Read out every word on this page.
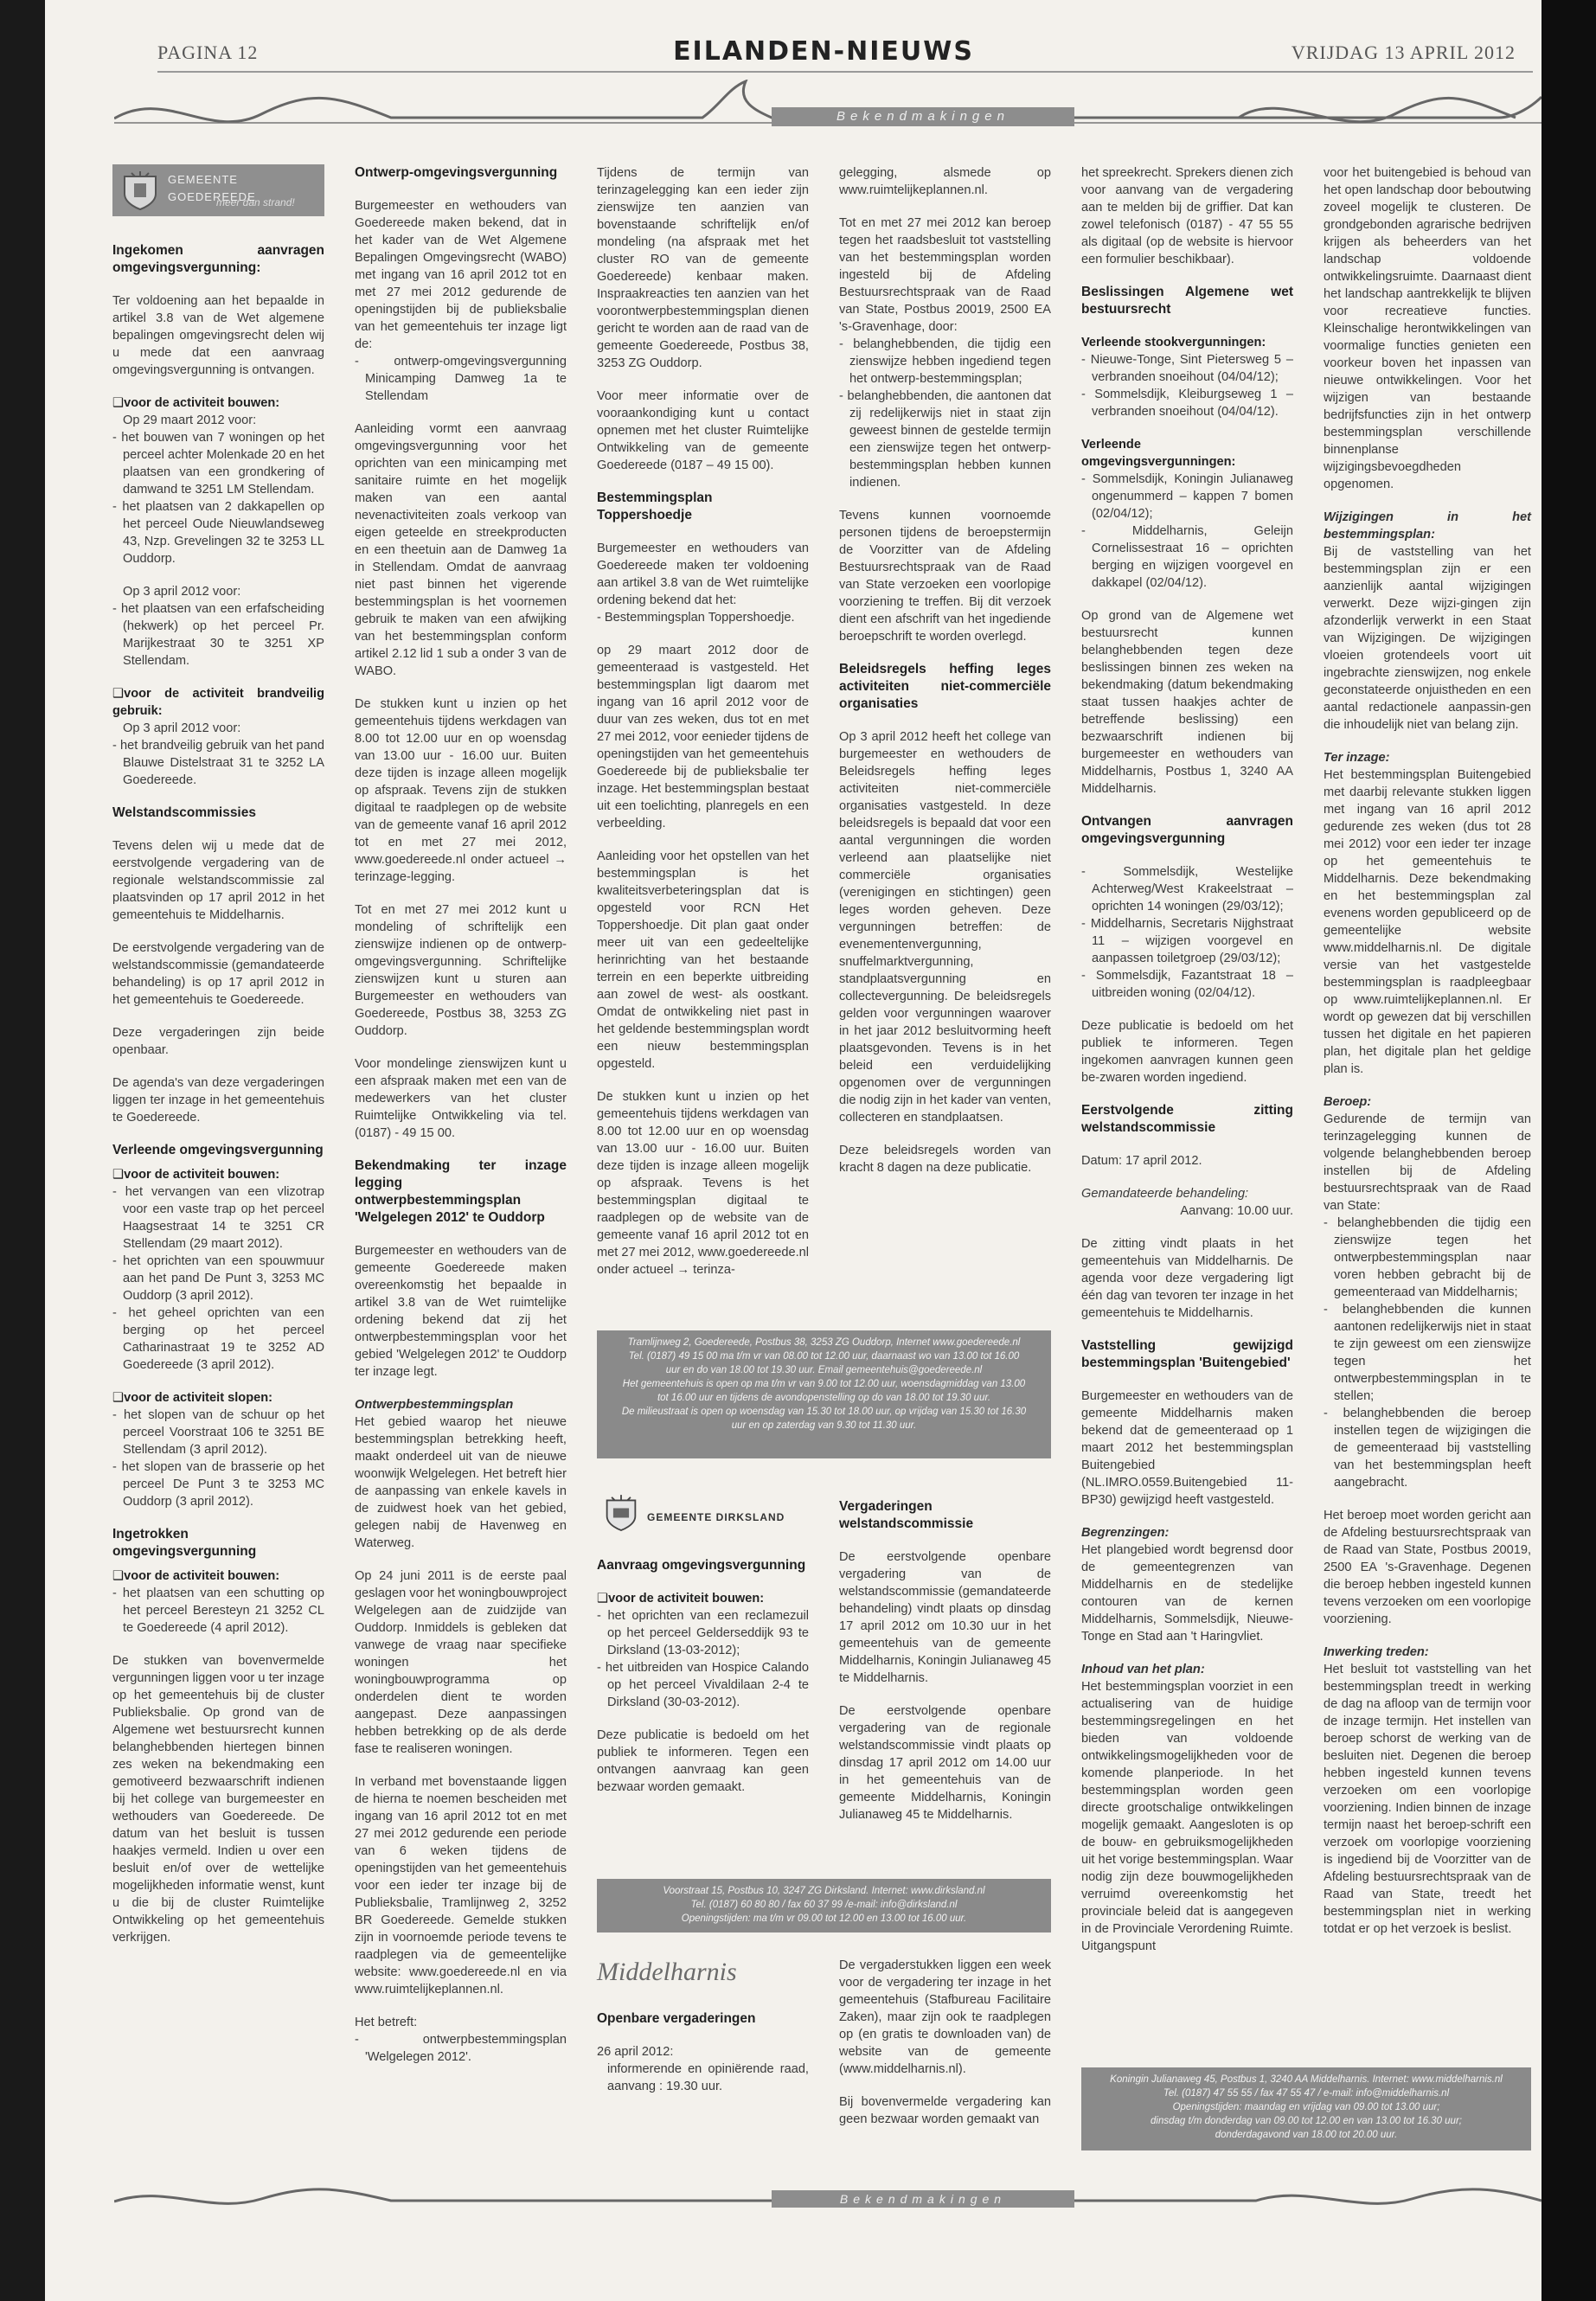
PAGINA 12	EILANDEN-NIEUWS	VRIJDAG 13 APRIL 2012
Bekendmakingen
GEMEENTE GOEDEREEDE
meer dan strand!
Ingekomen aanvragen omgevingsvergunning:

Ter voldoening aan het bepaalde in artikel 3.8 van de Wet algemene bepalingen omgevingsrecht delen wij u mede dat een aanvraag omgevingsvergunning is ontvangen.

❑ voor de activiteit bouwen:
Op 29 maart 2012 voor:
- het bouwen van 7 woningen op het perceel achter Molenkade 20 en het plaatsen van een grondkering of damwand te 3251 LM Stellendam.
- het plaatsen van 2 dakkapellen op het perceel Oude Nieuwlandseweg 43, Nzp. Grevelingen 32 te 3253 LL Ouddorp.
Op 3 april 2012 voor:
- het plaatsen van een erfafscheiding (hekwerk) op het perceel Pr. Marijkestraat 30 te 3251 XP Stellendam.
❑ voor de activiteit brandveilig gebruik:
Op 3 april 2012 voor:
- het brandveilig gebruik van het pand Blauwe Distelstraat 31 te 3252 LA Goedereede.
Welstandscommissies

Tevens delen wij u mede dat de eerstvolgende vergadering van de regionale welstandscommissie zal plaatsvinden op 17 april 2012 in het gemeentehuis te Middelharnis.

De eerstvolgende vergadering van de welstandscommissie (gemandateerde behandeling) is op 17 april 2012 in het gemeentehuis te Goedereede.

Deze vergaderingen zijn beide openbaar.

De agenda's van deze vergaderingen liggen ter inzage in het gemeentehuis te Goedereede.

Verleende omgevingsvergunning
❑ voor de activiteit bouwen:
- het vervangen van een vlizotrap voor een vaste trap op het perceel Haagsestraat 14 te 3251 CR Stellendam (29 maart 2012).
- het oprichten van een spouwmuur aan het pand De Punt 3, 3253 MC Ouddorp (3 april 2012).
- het geheel oprichten van een berging op het perceel Catharinastraat 19 te 3252 AD Goedereede (3 april 2012).
❑ voor de activiteit slopen:
- het slopen van de schuur op het perceel Voorstraat 106 te 3251 BE Stellendam (3 april 2012).
- het slopen van de brasserie op het perceel De Punt 3 te 3253 MC Ouddorp (3 april 2012).
Ingetrokken omgevingsvergunning
❑ voor de activiteit bouwen:
- het plaatsen van een schutting op het perceel Beresteyn 21 3252 CL te Goedereede (4 april 2012).

De stukken van bovenvermelde vergunningen liggen voor u ter inzage op het gemeentehuis bij de cluster Publieksbalie. Op grond van de Algemene wet bestuursrecht kunnen belanghebbenden hiertegen binnen zes weken na bekendmaking een gemotiveerd bezwaarschrift indienen bij het college van burgemeester en wethouders van Goedereede. De datum van het besluit is tussen haakjes vermeld. Indien u over een besluit en/of over de wettelijke mogelijkheden informatie wenst, kunt u die bij de cluster Ruimtelijke Ontwikkeling op het gemeentehuis verkrijgen.

Ontwerp-omgevingsvergunning

Burgemeester en wethouders van Goedereede maken bekend, dat in het kader van de Wet Algemene Bepalingen Omgevingsrecht (WABO) met ingang van 16 april 2012 tot en met 27 mei 2012 gedurende de openingstijden bij de publieksbalie van het gemeentehuis ter inzage ligt de:

- ontwerp-omgevingsvergunning Minicamping Damweg 1a te Stellendam

Aanleiding vormt een aanvraag omgevingsvergunning voor het oprichten van een minicamping met sanitaire ruimte en het mogelijk maken van een aantal nevenactiviteiten zoals verkoop van eigen geteelde en streekproducten en een theetuin aan de Damweg 1a in Stellendam. Omdat de aanvraag niet past binnen het vigerende bestemmingsplan is het voornemen gebruik te maken van een afwijking van het bestemmingsplan conform artikel 2.12 lid 1 sub a onder 3 van de WABO.

De stukken kunt u inzien op het gemeentehuis tijdens werkdagen van 8.00 tot 12.00 uur en op woensdag van 13.00 uur - 16.00 uur. Buiten deze tijden is inzage alleen mogelijk op afspraak. Tevens zijn de stukken digitaal te raadplegen op de website van de gemeente vanaf 16 april 2012 tot en met 27 mei 2012, www.goedereede.nl onder actueel → terinzage-legging.

Tot en met 27 mei 2012 kunt u mondeling of schriftelijk een zienswijze indienen op de ontwerp-omgevingsvergunning. Schriftelijke zienswijzen kunt u sturen aan Burgemeester en wethouders van Goedereede, Postbus 38, 3253 ZG Ouddorp.

Voor mondelinge zienswijzen kunt u een afspraak maken met een van de medewerkers van het cluster Ruimtelijke Ontwikkeling via tel. (0187) - 49 15 00.

Bekendmaking ter inzage legging ontwerpbestemmingsplan 'Welgelegen 2012' te Ouddorp

Burgemeester en wethouders van de gemeente Goedereede maken overeenkomstig het bepaalde in artikel 3.8 van de Wet ruimtelijke ordening bekend dat zij het ontwerpbestemmingsplan voor het gebied 'Welgelegen 2012' te Ouddorp ter inzage legt.

Ontwerpbestemmingsplan

Het gebied waarop het nieuwe bestemmingsplan betrekking heeft, maakt onderdeel uit van de nieuwe woonwijk Welgelegen. Het betreft hier de aanpassing van enkele kavels in de zuidwest hoek van het gebied, gelegen nabij de Havenweg en Waterweg.

Op 24 juni 2011 is de eerste paal geslagen voor het woningbouwproject Welgelegen aan de zuidzijde van Ouddorp. Inmiddels is gebleken dat vanwege de vraag naar specifieke woningen het woningbouwprogramma op onderdelen dient te worden aangepast. Deze aanpassingen hebben betrekking op de als derde fase te realiseren woningen.

In verband met bovenstaande liggen de hierna te noemen bescheiden met ingang van 16 april 2012 tot en met 27 mei 2012 gedurende een periode van 6 weken tijdens de openingstijden van het gemeentehuis voor een ieder ter inzage bij de Publieksbalie, Tramlijnweg 2, 3252 BR Goedereede. Gemelde stukken zijn in voornoemde periode tevens te raadplegen via de gemeentelijke website: www.goedereede.nl en via www.ruimtelijkeplannen.nl.

Het betreft:
- ontwerpbestemmingsplan 'Welgelegen 2012'.

Tijdens de termijn van terinzagelegging kan een ieder zijn zienswijze ten aanzien van bovenstaande schriftelijk en/of mondeling (na afspraak met het cluster RO van de gemeente Goedereede) kenbaar maken. Inspraakreacties ten aanzien van het voorontwerpbestemmingsplan dienen gericht te worden aan de raad van de gemeente Goedereede, Postbus 38, 3253 ZG Ouddorp.

Voor meer informatie over de vooraankondiging kunt u contact opnemen met het cluster Ruimtelijke Ontwikkeling van de gemeente Goedereede (0187 – 49 15 00).

Bestemmingsplan Toppershoedje

Burgemeester en wethouders van Goedereede maken ter voldoening aan artikel 3.8 van de Wet ruimtelijke ordening bekend dat het:

- Bestemmingsplan Toppershoedje.

op 29 maart 2012 door de gemeenteraad is vastgesteld. Het bestemmingsplan ligt daarom met ingang van 16 april 2012 voor de duur van zes weken, dus tot en met 27 mei 2012, voor eenieder tijdens de openingstijden van het gemeentehuis Goedereede bij de publieksbalie ter inzage. Het bestemmingsplan bestaat uit een toelichting, planregels en een verbeelding.

Aanleiding voor het opstellen van het bestemmingsplan is het kwaliteitsverbeteringsplan dat is opgesteld voor RCN Het Toppershoedje. Dit plan gaat onder meer uit van een gedeeltelijke herinrichting van het bestaande terrein en een beperkte uitbreiding aan zowel de west- als oostkant. Omdat de ontwikkeling niet past in het geldende bestemmingsplan wordt een nieuw bestemmingsplan opgesteld.

De stukken kunt u inzien op het gemeentehuis tijdens werkdagen van 8.00 tot 12.00 uur en op woensdag van 13.00 uur - 16.00 uur. Buiten deze tijden is inzage alleen mogelijk op afspraak. Tevens is het bestemmingsplan digitaal te raadplegen op de website van de gemeente vanaf 16 april 2012 tot en met 27 mei 2012, www.goedereede.nl onder actueel → terinza-

gelegging, alsmede op www.ruimtelijkeplannen.nl.

Tot en met 27 mei 2012 kan beroep tegen het raadsbesluit tot vaststelling van het bestemmingsplan worden ingesteld bij de Afdeling Bestuursrechtspraak van de Raad van State, Postbus 20019, 2500 EA 's-Gravenhage, door:

- belanghebbenden, die tijdig een zienswijze hebben ingediend tegen het ontwerp-bestemmingsplan;
- belanghebbenden, die aantonen dat zij redelijkerwijs niet in staat zijn geweest binnen de gestelde termijn een zienswijze tegen het ontwerp-bestemmingsplan hebben kunnen indienen.

Tevens kunnen voornoemde personen tijdens de beroepstermijn de Voorzitter van de Afdeling Bestuursrechtspraak van de Raad van State verzoeken een voorlopige voorziening te treffen. Bij dit verzoek dient een afschrift van het ingediende beroepschrift te worden overlegd.

Beleidsregels heffing leges activiteiten niet-commerciële organisaties

Op 3 april 2012 heeft het college van burgemeester en wethouders de Beleidsregels heffing leges activiteiten niet-commerciële organisaties vastgesteld. In deze beleidsregels is bepaald dat voor een aantal vergunningen die worden verleend aan plaatselijke niet commerciële organisaties (verenigingen en stichtingen) geen leges worden geheven. Deze vergunningen betreffen: de evenementenvergunning, snuffelmarktvergunning, standplaatsvergunning en collectevergunning. De beleidsregels gelden voor vergunningen waarover in het jaar 2012 besluitvorming heeft plaatsgevonden. Tevens is in het beleid een verduidelijking opgenomen over de vergunningen die nodig zijn in het kader van venten, collecteren en standplaatsen.

Deze beleidsregels worden van kracht 8 dagen na deze publicatie.

Tramlijnweg 2, Goedereede, Postbus 38, 3253 ZG Ouddorp, Internet www.goedereede.nl
Tel. (0187) 49 15 00 ma t/m vr van 08.00 tot 12.00 uur, daarnaast wo van 13.00 tot 16.00
uur en do van 18.00 tot 19.30 uur. Email gemeentehuis@goedereede.nl
Het gemeentehuis is open op ma t/m vr van 9.00 tot 12.00 uur, woensdagmiddag van 13.00
tot 16.00 uur en tijdens de avondopenstelling op do van 18.00 tot 19.30 uur.
De milieustraat is open op woensdag van 15.30 tot 18.00 uur, op vrijdag van 15.30 tot 16.30
uur en op zaterdag van 9.30 tot 11.30 uur.
GEMEENTE DIRKSLAND
Aanvraag omgevingsvergunning
❑ voor de activiteit bouwen:
- het oprichten van een reclamezuil op het perceel Gelderseddijk 93 te Dirksland (13-03-2012);
- het uitbreiden van Hospice Calando op het perceel Vivaldilaan 2-4 te Dirksland (30-03-2012).

Deze publicatie is bedoeld om het publiek te informeren. Tegen een ontvangen aanvraag kan geen bezwaar worden gemaakt.

Vergaderingen welstandscommissie

De eerstvolgende openbare vergadering van de welstandscommissie (gemandateerde behandeling) vindt plaats op dinsdag 17 april 2012 om 10.30 uur in het gemeentehuis van de gemeente Middelharnis, Koningin Julianaweg 45 te Middelharnis.

De eerstvolgende openbare vergadering van de regionale welstandscommissie vindt plaats op dinsdag 17 april 2012 om 14.00 uur in het gemeentehuis van de gemeente Middelharnis, Koningin Julianaweg 45 te Middelharnis.

Voorstraat 15, Postbus 10, 3247 ZG Dirksland. Internet: www.dirksland.nl
Tel. (0187) 60 80 80 / fax 60 37 99 /e-mail: info@dirksland.nl
Openingstijden: ma t/m vr 09.00 tot 12.00 en 13.00 tot 16.00 uur.
Middelharnis
Openbare vergaderingen
26 april 2012:
informerende en opiniërende raad, aanvang : 19.30 uur.

De vergaderstukken liggen een week voor de vergadering ter inzage in het gemeentehuis (Stafbureau Facilitaire Zaken), maar zijn ook te raadplegen op (en gratis te downloaden van) de website van de gemeente (www.middelharnis.nl).

Bij bovenvermelde vergadering kan geen bezwaar worden gemaakt van

het spreekrecht. Sprekers dienen zich voor aanvang van de vergadering aan te melden bij de griffier. Dat kan zowel telefonisch (0187) - 47 55 55 als digitaal (op de website is hiervoor een formulier beschikbaar).

Beslissingen Algemene wet bestuursrecht
Verleende stookvergunningen:
- Nieuwe-Tonge, Sint Pietersweg 5 – verbranden snoeihout (04/04/12);
- Sommelsdijk, Kleiburgseweg 1 – verbranden snoeihout (04/04/12).
Verleende omgevingsvergunningen:
- Sommelsdijk, Koningin Julianaweg ongenummerd – kappen 7 bomen (02/04/12);
- Middelharnis, Geleijn Cornelissestraat 16 – oprichten berging en wijzigen voorgevel en dakkapel (02/04/12).

Op grond van de Algemene wet bestuursrecht kunnen belanghebbenden tegen deze beslissingen binnen zes weken na bekendmaking (datum bekendmaking staat tussen haakjes achter de betreffende beslissing) een bezwaarschrift indienen bij burgemeester en wethouders van Middelharnis, Postbus 1, 3240 AA Middelharnis.

Ontvangen aanvragen omgevingsvergunning
- Sommelsdijk, Westelijke Achterweg/West Krakeelstraat – oprichten 14 woningen (29/03/12);
- Middelharnis, Secretaris Nijghstraat 11 – wijzigen voorgevel en aanpassen toiletgroep (29/03/12);
- Sommelsdijk, Fazantstraat 18 – uitbreiden woning (02/04/12).

Deze publicatie is bedoeld om het publiek te informeren. Tegen ingekomen aanvragen kunnen geen be-zwaren worden ingediend.

Eerstvolgende zitting welstandscommissie

Datum: 17 april 2012.

Gemandateerde behandeling:

Aanvang: 10.00 uur.

De zitting vindt plaats in het gemeentehuis van Middelharnis. De agenda voor deze vergadering ligt één dag van tevoren ter inzage in het gemeentehuis te Middelharnis.

Vaststelling gewijzigd bestemmingsplan 'Buitengebied'

Burgemeester en wethouders van de gemeente Middelharnis maken bekend dat de gemeenteraad op 1 maart 2012 het bestemmingsplan Buitengebied (NL.IMRO.0559.Buitengebied 11-BP30) gewijzigd heeft vastgesteld.

Begrenzingen:

Het plangebied wordt begrensd door de gemeentegrenzen van Middelharnis en de stedelijke contouren van de kernen Middelharnis, Sommelsdijk, Nieuwe-Tonge en Stad aan 't Haringvliet.

Inhoud van het plan:

Het bestemmingsplan voorziet in een actualisering van de huidige bestemmingsregelingen en het bieden van voldoende ontwikkelingsmogelijkheden voor de komende planperiode. In het bestemmingsplan worden geen directe grootschalige ontwikkelingen mogelijk gemaakt. Aangesloten is op de bouw- en gebruiksmogelijkheden uit het vorige bestemmingsplan. Waar nodig zijn deze bouwmogelijkheden verruimd overeenkomstig het provinciale beleid dat is aangegeven in de Provinciale Verordening Ruimte. Uitgangspunt

voor het buitengebied is behoud van het open landschap door beboutwing zoveel mogelijk te clusteren. De grondgebonden agrarische bedrijven krijgen als beheerders van het landschap voldoende ontwikkelingsruimte. Daarnaast dient het landschap aantrekkelijk te blijven voor recreatieve functies. Kleinschalige herontwikkelingen van voormalige functies genieten een voorkeur boven het inpassen van nieuwe ontwikkelingen. Voor het wijzigen van bestaande bedrijfsfuncties zijn in het ontwerp bestemmingsplan verschillende binnenplanse wijzigingsbevoegdheden opgenomen.

Wijzigingen in het bestemmingsplan:

Bij de vaststelling van het bestemmingsplan zijn er een aanzienlijk aantal wijzigingen verwerkt. Deze wijzi-gingen zijn afzonderlijk verwerkt in een Staat van Wijzigingen. De wijzigingen vloeien grotendeels voort uit ingebrachte zienswijzen, nog enkele geconstateerde onjuistheden en een aantal redactionele aanpassin-gen die inhoudelijk niet van belang zijn.

Ter inzage:

Het bestemmingsplan Buitengebied met daarbij relevante stukken liggen met ingang van 16 april 2012 gedurende zes weken (dus tot 28 mei 2012) voor een ieder ter inzage op het gemeentehuis te Middelharnis. Deze bekendmaking en het bestemmingsplan zal evenens worden gepubliceerd op de gemeentelijke website www.middelharnis.nl. De digitale versie van het vastgestelde bestemmingsplan is raadpleegbaar op www.ruimtelijkeplannen.nl. Er wordt op gewezen dat bij verschillen tussen het digitale en het papieren plan, het digitale plan het geldige plan is.

Beroep:

Gedurende de termijn van terinzagelegging kunnen de volgende belanghebbenden beroep instellen bij de Afdeling bestuursrechtspraak van de Raad van State:

- belanghebbenden die tijdig een zienswijze tegen het ontwerpbestemmingsplan naar voren hebben gebracht bij de gemeenteraad van Middelharnis;
- belanghebbenden die kunnen aantonen redelijkerwijs niet in staat te zijn geweest om een zienswijze tegen het ontwerpbestemmingsplan in te stellen;
- belanghebbenden die beroep instellen tegen de wijzigingen die de gemeenteraad bij vaststelling van het bestemmingsplan heeft aangebracht.

Het beroep moet worden gericht aan de Afdeling bestuursrechtspraak van de Raad van State, Postbus 20019, 2500 EA 's-Gravenhage. Degenen die beroep hebben ingesteld kunnen tevens verzoeken om een voorlopige voorziening.

Inwerking treden:

Het besluit tot vaststelling van het bestemmingsplan treedt in werking de dag na afloop van de termijn voor de inzage termijn. Het instellen van beroep schorst de werking van de besluiten niet. Degenen die beroep hebben ingesteld kunnen tevens verzoeken om een voorlopige voorziening. Indien binnen de inzage termijn naast het beroep-schrift een verzoek om voorlopige voorziening is ingediend bij de Voorzitter van de Afdeling bestuursrechtspraak van de Raad van State, treedt het bestemmingsplan niet in werking totdat er op het verzoek is beslist.

Koningin Julianaweg 45, Postbus 1, 3240 AA Middelharnis. Internet: www.middelharnis.nl
Tel. (0187) 47 55 55 / fax 47 55 47 / e-mail: info@middelharnis.nl
Openingstijden: maandag en vrijdag van 09.00 tot 13.00 uur;
dinsdag t/m donderdag van 09.00 tot 12.00 en van 13.00 tot 16.30 uur;
donderdagavond van 18.00 tot 20.00 uur.
Bekendmakingen
